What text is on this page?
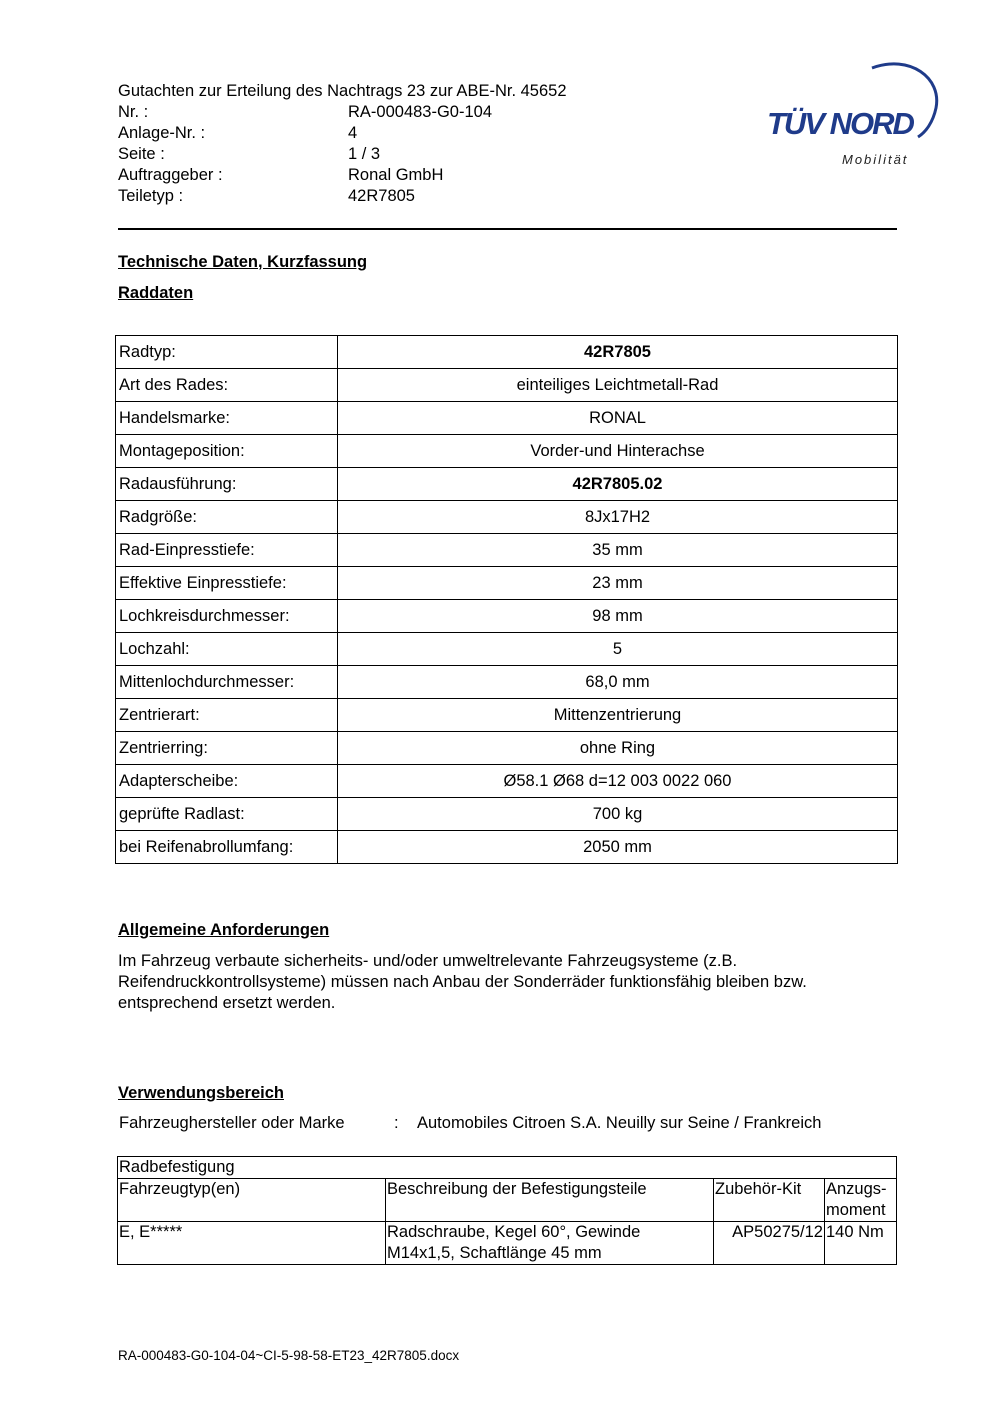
Gutachten zur Erteilung des Nachtrags 23 zur ABE-Nr. 45652
Nr. :	RA-000483-G0-104
Anlage-Nr. :	4
Seite :	1 / 3
Auftraggeber :	Ronal GmbH
Teiletyp :	42R7805
TÜV NORD
Mobilität
Technische Daten, Kurzfassung
Raddaten
Radtyp:	42R7805
Art des Rades:	einteiliges Leichtmetall-Rad
Handelsmarke:	RONAL
Montageposition:	Vorder-und Hinterachse
Radausführung:	42R7805.02
Radgröße:	8Jx17H2
Rad-Einpresstiefe:	35 mm
Effektive Einpresstiefe:	23 mm
Lochkreisdurchmesser:	98 mm
Lochzahl:	5
Mittenlochdurchmesser:	68,0 mm
Zentrierart:	Mittenzentrierung
Zentrierring:	ohne Ring
Adapterscheibe:	Ø58.1 Ø68 d=12 003 0022 060
geprüfte Radlast:	700 kg
bei Reifenabrollumfang:	2050 mm
Allgemeine Anforderungen
Im Fahrzeug verbaute sicherheits- und/oder umweltrelevante Fahrzeugsysteme (z.B. Reifendruckkontrollsysteme) müssen nach Anbau der Sonderräder funktionsfähig bleiben bzw. entsprechend ersetzt werden.
Verwendungsbereich
Fahrzeughersteller oder Marke	:	Automobiles Citroen S.A. Neuilly sur Seine / Frankreich
Radbefestigung			
Fahrzeugtyp(en)	Beschreibung der Befestigungsteile	Zubehör-Kit	Anzugs-moment
E, E*****	Radschraube, Kegel 60°, Gewinde M14x1,5, Schaftlänge 45 mm	AP50275/12	140 Nm
RA-000483-G0-104-04~CI-5-98-58-ET23_42R7805.docx
